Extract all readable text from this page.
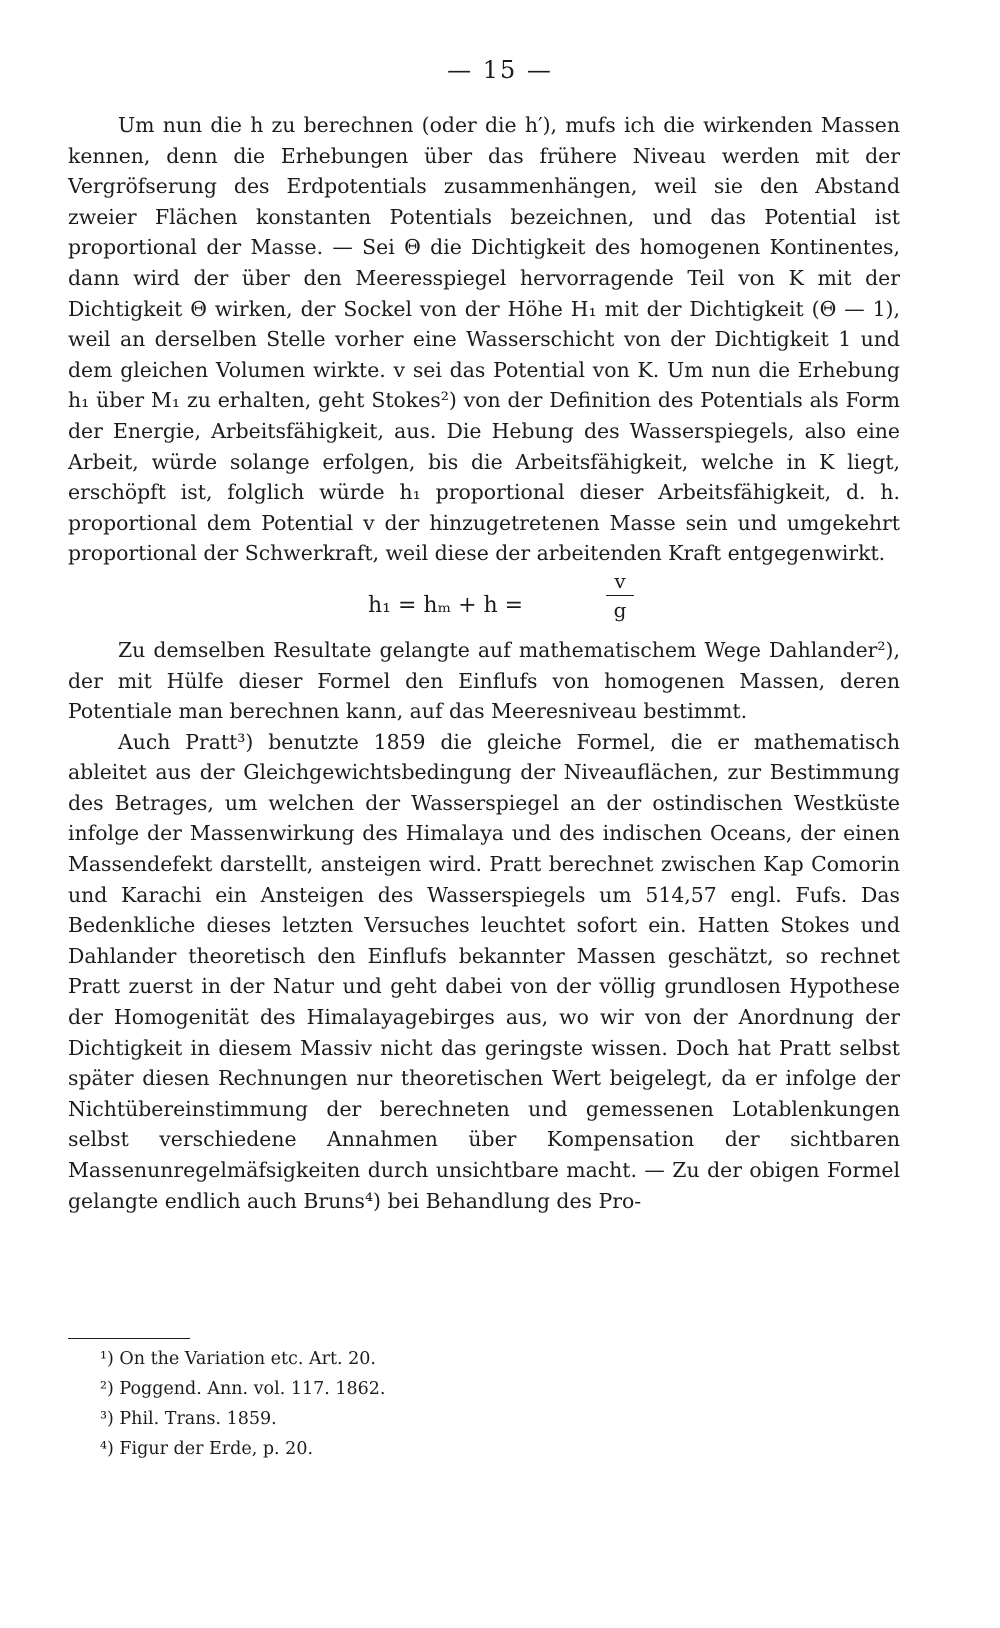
— 15 —

Um nun die h zu berechnen (oder die h′), mufs ich die wirkenden Massen kennen, denn die Erhebungen über das frühere Niveau werden mit der Vergröfserung des Erdpotentials zusammenhängen, weil sie den Abstand zweier Flächen konstanten Potentials bezeichnen, und das Potential ist proportional der Masse. — Sei Θ die Dichtigkeit des homogenen Kontinentes, dann wird der über den Meeresspiegel hervorragende Teil von K mit der Dichtigkeit Θ wirken, der Sockel von der Höhe H₁ mit der Dichtigkeit (Θ — 1), weil an derselben Stelle vorher eine Wasserschicht von der Dichtigkeit 1 und dem gleichen Volumen wirkte. v sei das Potential von K. Um nun die Erhebung h₁ über M₁ zu erhalten, geht Stokes²) von der Definition des Potentials als Form der Energie, Arbeitsfähigkeit, aus. Die Hebung des Wasserspiegels, also eine Arbeit, würde solange erfolgen, bis die Arbeitsfähigkeit, welche in K liegt, erschöpft ist, folglich würde h₁ proportional dieser Arbeitsfähigkeit, d. h. proportional dem Potential v der hinzugetretenen Masse sein und umgekehrt proportional der Schwerkraft, weil diese der arbeitenden Kraft entgegenwirkt.

h₁ = hₘ + h =
v
g

Zu demselben Resultate gelangte auf mathematischem Wege Dahlander²), der mit Hülfe dieser Formel den Einflufs von homogenen Massen, deren Potentiale man berechnen kann, auf das Meeresniveau bestimmt.

Auch Pratt³) benutzte 1859 die gleiche Formel, die er mathematisch ableitet aus der Gleichgewichtsbedingung der Niveauflächen, zur Bestimmung des Betrages, um welchen der Wasserspiegel an der ostindischen Westküste infolge der Massenwirkung des Himalaya und des indischen Oceans, der einen Massendefekt darstellt, ansteigen wird. Pratt berechnet zwischen Kap Comorin und Karachi ein Ansteigen des Wasserspiegels um 514,57 engl. Fufs. Das Bedenkliche dieses letzten Versuches leuchtet sofort ein. Hatten Stokes und Dahlander theoretisch den Einflufs bekannter Massen geschätzt, so rechnet Pratt zuerst in der Natur und geht dabei von der völlig grundlosen Hypothese der Homogenität des Himalayagebirges aus, wo wir von der Anordnung der Dichtigkeit in diesem Massiv nicht das geringste wissen. Doch hat Pratt selbst später diesen Rechnungen nur theoretischen Wert beigelegt, da er infolge der Nichtübereinstimmung der berechneten und gemessenen Lotablenkungen selbst verschiedene Annahmen über Kompensation der sichtbaren Massenunregelmäfsigkeiten durch unsichtbare macht. — Zu der obigen Formel gelangte endlich auch Bruns⁴) bei Behandlung des Pro-

¹) On the Variation etc. Art. 20.

²) Poggend. Ann. vol. 117. 1862.

³) Phil. Trans. 1859.

⁴) Figur der Erde, p. 20.
